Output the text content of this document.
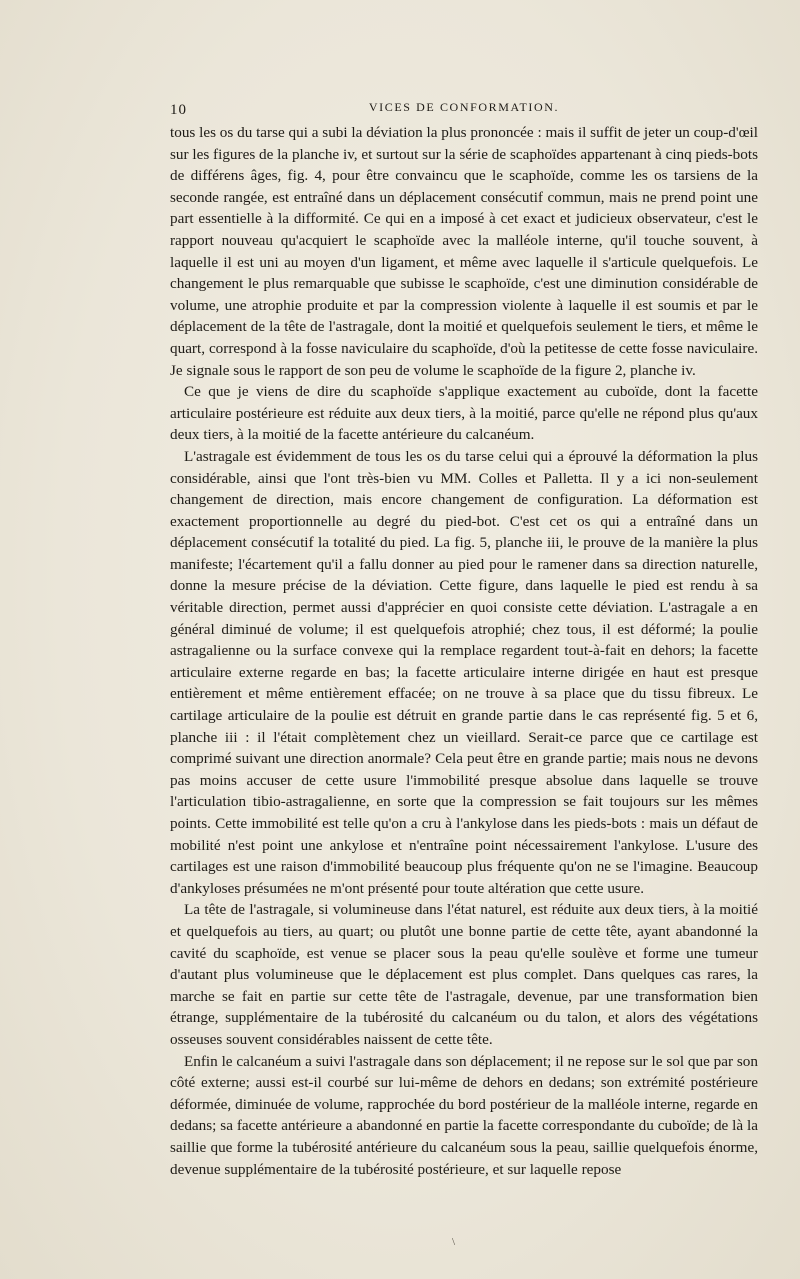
10	VICES DE CONFORMATION.

tous les os du tarse qui a subi la déviation la plus prononcée : mais il suffit de jeter un coup-d'œil sur les figures de la planche iv, et surtout sur la série de scaphoïdes appartenant à cinq pieds-bots de différens âges, fig. 4, pour être convaincu que le scaphoïde, comme les os tarsiens de la seconde rangée, est entraîné dans un déplacement consécutif commun, mais ne prend point une part essentielle à la difformité. Ce qui en a imposé à cet exact et judicieux observateur, c'est le rapport nouveau qu'acquiert le scaphoïde avec la malléole interne, qu'il touche souvent, à laquelle il est uni au moyen d'un ligament, et même avec laquelle il s'articule quelquefois. Le changement le plus remarquable que subisse le scaphoïde, c'est une diminution considérable de volume, une atrophie produite et par la compression violente à laquelle il est soumis et par le déplacement de la tête de l'astragale, dont la moitié et quelquefois seulement le tiers, et même le quart, correspond à la fosse naviculaire du scaphoïde, d'où la petitesse de cette fosse naviculaire. Je signale sous le rapport de son peu de volume le scaphoïde de la figure 2, planche iv.

Ce que je viens de dire du scaphoïde s'applique exactement au cuboïde, dont la facette articulaire postérieure est réduite aux deux tiers, à la moitié, parce qu'elle ne répond plus qu'aux deux tiers, à la moitié de la facette antérieure du calcanéum.

L'astragale est évidemment de tous les os du tarse celui qui a éprouvé la déformation la plus considérable, ainsi que l'ont très-bien vu MM. Colles et Palletta. Il y a ici non-seulement changement de direction, mais encore changement de configuration. La déformation est exactement proportionnelle au degré du pied-bot. C'est cet os qui a entraîné dans un déplacement consécutif la totalité du pied. La fig. 5, planche iii, le prouve de la manière la plus manifeste; l'écartement qu'il a fallu donner au pied pour le ramener dans sa direction naturelle, donne la mesure précise de la déviation. Cette figure, dans laquelle le pied est rendu à sa véritable direction, permet aussi d'apprécier en quoi consiste cette déviation. L'astragale a en général diminué de volume; il est quelquefois atrophié; chez tous, il est déformé; la poulie astragalienne ou la surface convexe qui la remplace regardent tout-à-fait en dehors; la facette articulaire externe regarde en bas; la facette articulaire interne dirigée en haut est presque entièrement et même entièrement effacée; on ne trouve à sa place que du tissu fibreux. Le cartilage articulaire de la poulie est détruit en grande partie dans le cas représenté fig. 5 et 6, planche iii : il l'était complètement chez un vieillard. Serait-ce parce que ce cartilage est comprimé suivant une direction anormale? Cela peut être en grande partie; mais nous ne devons pas moins accuser de cette usure l'immobilité presque absolue dans laquelle se trouve l'articulation tibio-astragalienne, en sorte que la compression se fait toujours sur les mêmes points. Cette immobilité est telle qu'on a cru à l'ankylose dans les pieds-bots : mais un défaut de mobilité n'est point une ankylose et n'entraîne point nécessairement l'ankylose. L'usure des cartilages est une raison d'immobilité beaucoup plus fréquente qu'on ne se l'imagine. Beaucoup d'ankyloses présumées ne m'ont présenté pour toute altération que cette usure.

La tête de l'astragale, si volumineuse dans l'état naturel, est réduite aux deux tiers, à la moitié et quelquefois au tiers, au quart; ou plutôt une bonne partie de cette tête, ayant abandonné la cavité du scaphoïde, est venue se placer sous la peau qu'elle soulève et forme une tumeur d'autant plus volumineuse que le déplacement est plus complet. Dans quelques cas rares, la marche se fait en partie sur cette tête de l'astragale, devenue, par une transformation bien étrange, supplémentaire de la tubérosité du calcanéum ou du talon, et alors des végétations osseuses souvent considérables naissent de cette tête.

Enfin le calcanéum a suivi l'astragale dans son déplacement; il ne repose sur le sol que par son côté externe; aussi est-il courbé sur lui-même de dehors en dedans; son extrémité postérieure déformée, diminuée de volume, rapprochée du bord postérieur de la malléole interne, regarde en dedans; sa facette antérieure a abandonné en partie la facette correspondante du cuboïde; de là la saillie que forme la tubérosité antérieure du calcanéum sous la peau, saillie quelquefois énorme, devenue supplémentaire de la tubérosité postérieure, et sur laquelle repose

\
